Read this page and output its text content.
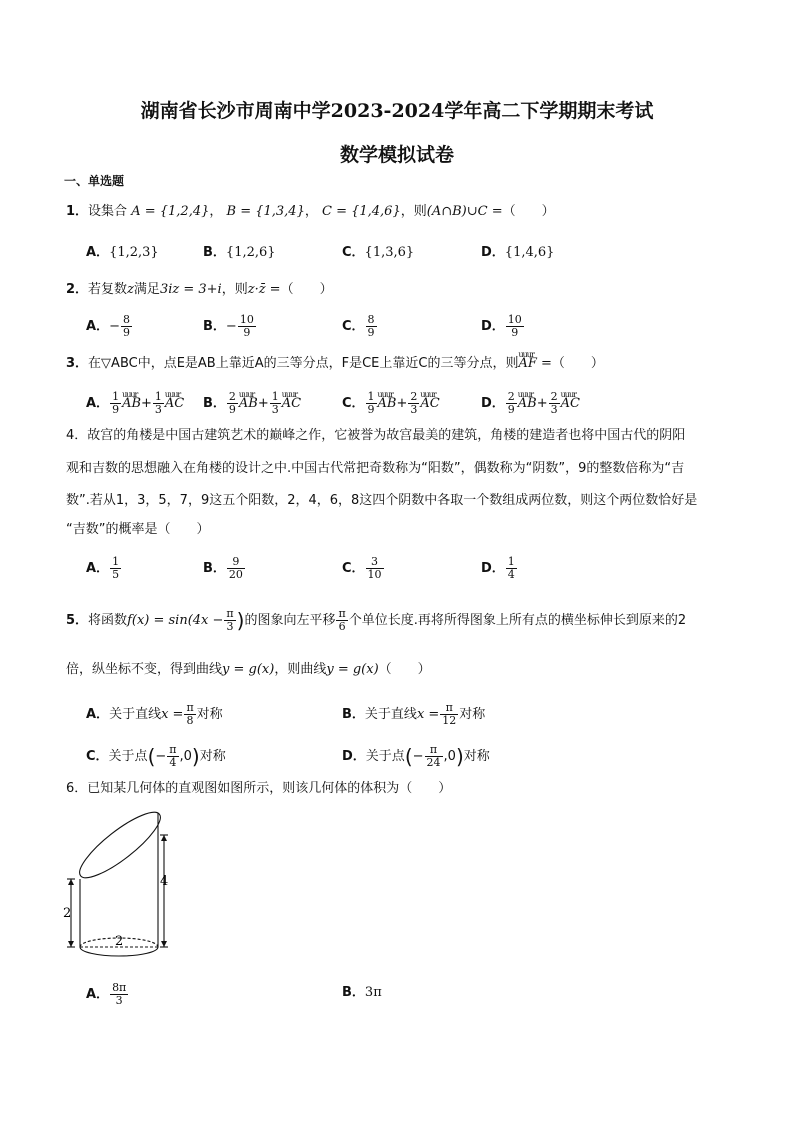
湖南省长沙市周南中学2023-2024学年高二下学期期末考试
数学模拟试卷
一、单选题
1．设集合 A = {1,2,4}， B = {1,3,4}， C = {1,4,6}，则(A∩B)∪C =（　　）
A．{1,2,3}	B．{1,2,6}	C．{1,3,6}	D．{1,4,6}
2．若复数z满足3iz = 3+i，则z·z̄ =（　　）
A．− $\frac{8}{9}$	B．− $\frac{10}{9}$	C． $\frac{8}{9}$	D． $\frac{10}{9}$
3．在▽ABC中，点E是AB上靠近A的三等分点，F是CE上靠近C的三等分点，则uuur AF =（　　）
A． $\frac{1}{9}$ uuur $AB+ \frac{1}{3}$ uuur AC B． $\frac{2}{9}$ uuur $AB+ \frac{1}{3}$ uuur AC	C． $\frac{1}{9}$ uuur $AB+ \frac{2}{3}$ uuur AC	D． $\frac{2}{9}$ uuur $AB+ \frac{2}{3}$ uuur AC
4．故宫的角楼是中国古建筑艺术的巅峰之作，它被誉为故宫最美的建筑，角楼的建造者也将中国古代的阴阳
观和吉数的思想融入在角楼的设计之中.中国古代常把奇数称为“阳数”，偶数称为“阴数”，9的整数倍称为“吉
数”.若从1，3，5，7，9这五个阳数，2，4，6，8这四个阴数中各取一个数组成两位数，则这个两位数恰好是
“吉数”的概率是（　　）
A． $\frac{1}{5}$	B． $\frac{9}{20}$	C． $\frac{3}{10}$	D． $\frac{1}{4}$
5．将函数$f(x) = \sin(4x - \frac{\pi}{3}$ )的图象向左平移 $\frac{\pi}{6}$ 个单位长度.再将所得图象上所有点的横坐标伸长到原来的2
倍，纵坐标不变，得到曲线y = g(x)，则曲线y = g(x)（　　）
A．关于直线$x = \frac{\pi}{8}$ 对称	B．关于直线$x = \frac{\pi}{12}$ 对称
C．关于点(− $\frac{\pi}{4} ,0$)对称	D．关于点(− $\frac{\pi}{24} ,0$)对称
6．已知某几何体的直观图如图所示，则该几何体的体积为（　　）
2
4
2
A． $\frac{8\pi}{3}$	B．3π
